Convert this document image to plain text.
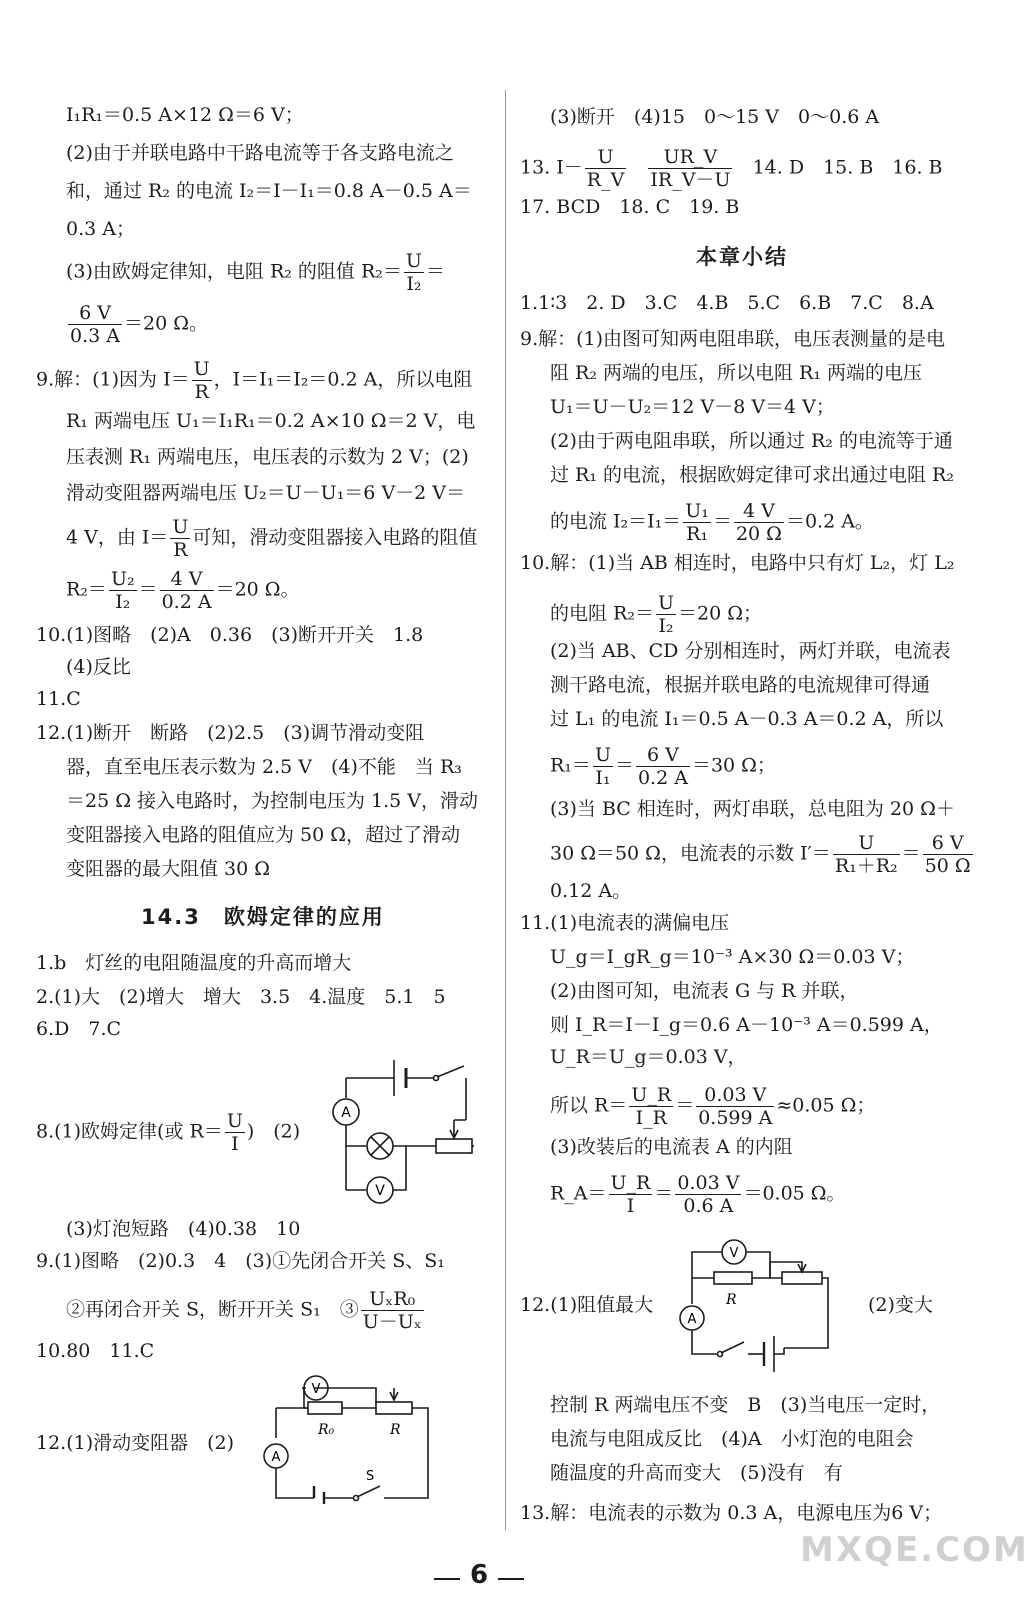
I₁R₁＝0.5 A×12 Ω＝6 V；
(2)由于并联电路中干路电流等于各支路电流之
和，通过 R₂ 的电流 I₂＝I－I₁＝0.8 A－0.5 A＝
0.3 A；
(3)由欧姆定律知，电阻 R₂ 的阻值 $R_2= \frac{U}{\text{I₂}}$ ＝
$\frac{6 V}{0.3 A} =20$ Ω。
9.解：(1)因为 $I= \frac{U}{R}$ ，I＝I₁＝I₂＝0.2 A，所以电阻
R₁ 两端电压 U₁＝I₁R₁＝0.2 A×10 Ω＝2 V，电
压表测 R₁ 两端电压，电压表的示数为 2 V；(2)
滑动变阻器两端电压 U₂＝U－U₁＝6 V－2 V＝
4 V，由 $I= \frac{U}{R}$ 可知，滑动变阻器接入电路的阻值
$R_2= \frac{\text{U₂}}{\text{I₂}} = \frac{4 V}{0.2 A} =20$ Ω。
10.(1)图略　(2)A　0.36　(3)断开开关　1.8
(4)反比
11.C
12.(1)断开　断路　(2)2.5　(3)调节滑动变阻
器，直至电压表示数为 2.5 V　(4)不能　当 R₃
＝25 Ω 接入电路时，为控制电压为 1.5 V，滑动
变阻器接入电路的阻值应为 50 Ω，超过了滑动
变阻器的最大阻值 30 Ω
14.3　欧姆定律的应用
1.b　灯丝的电阻随温度的升高而增大
2.(1)大　(2)增大　增大　3.5　4.温度　5.1　5
6.D　7.C
8.(1)欧姆定律(或 $R= \frac{U}{I}$ )　(2)
(3)灯泡短路　(4)0.38　10
9.(1)图略　(2)0.3　4　(3)①先闭合开关 S、S₁
②再闭合开关 S，断开开关 S₁　③ $\frac{\text{UₓR₀}}{\text{U－Uₓ}}$
10.80　11.C
12.(1)滑动变阻器　(2)
A
V
V
A
R₀	R
S
(3)断开　(4)15　0～15 V　0～0.6 A
13. $I- \frac{U}{R\_V}$
$\frac{UR\_V}{IR\_V-U} 14$. D　15. B　16. B
17. BCD　18. C　19. B
本章小结
1.1∶3　2. D　3.C　4.B　5.C　6.B　7.C　8.A
9.解：(1)由图可知两电阻串联，电压表测量的是电
阻 R₂ 两端的电压，所以电阻 R₁ 两端的电压
U₁＝U－U₂＝12 V－8 V＝4 V；
(2)由于两电阻串联，所以通过 R₂ 的电流等于通
过 R₁ 的电流，根据欧姆定律可求出通过电阻 R₂
的电流 $I_2=I_1= \frac{\text{U₁}}{\text{R₁}} = \frac{4 V}{20 \Omega} =0.2$ A。
10.解：(1)当 AB 相连时，电路中只有灯 L₂，灯 L₂
的电阻 $R_2= \frac{U}{\text{I₂}} =20$ Ω；
(2)当 AB、CD 分别相连时，两灯并联，电流表
测干路电流，根据并联电路的电流规律可得通
过 L₁ 的电流 I₁＝0.5 A－0.3 A＝0.2 A，所以
$R_1= \frac{U}{\text{I₁}} = \frac{6 V}{0.2 A} =30$ Ω；
(3)当 BC 相连时，两灯串联，总电阻为 20 Ω＋
30 Ω＝50 Ω，电流表的示数 $I'= \frac{U}{\text{R₁＋R₂}} = \frac{6 V}{50 \Omega}$
0.12 A。
11.(1)电流表的满偏电压
U_g＝I_gR_g＝10⁻³ A×30 Ω＝0.03 V；
(2)由图可知，电流表 G 与 R 并联，
则 I_R＝I－I_g＝0.6 A－10⁻³ A＝0.599 A，
U_R＝U_g＝0.03 V，
所以 $R= \frac{U\_R}{I\_R} = \frac{0.03 V}{0.599 A} \approx 0.05$ Ω；
(3)改装后的电流表 A 的内阻
R_A＝ $\frac{U\_R}{I} = \frac{0.03 V}{0.6 A} =0.05$ Ω。
12.(1)阻值最大	(2)变大
控制 R 两端电压不变　B　(3)当电压一定时，
电流与电阻成反比　(4)A　小灯泡的电阻会
随温度的升高而变大　(5)没有　有
13.解：电流表的示数为 0.3 A，电源电压为6 V；
V
A
R
6
MXQE.COM
